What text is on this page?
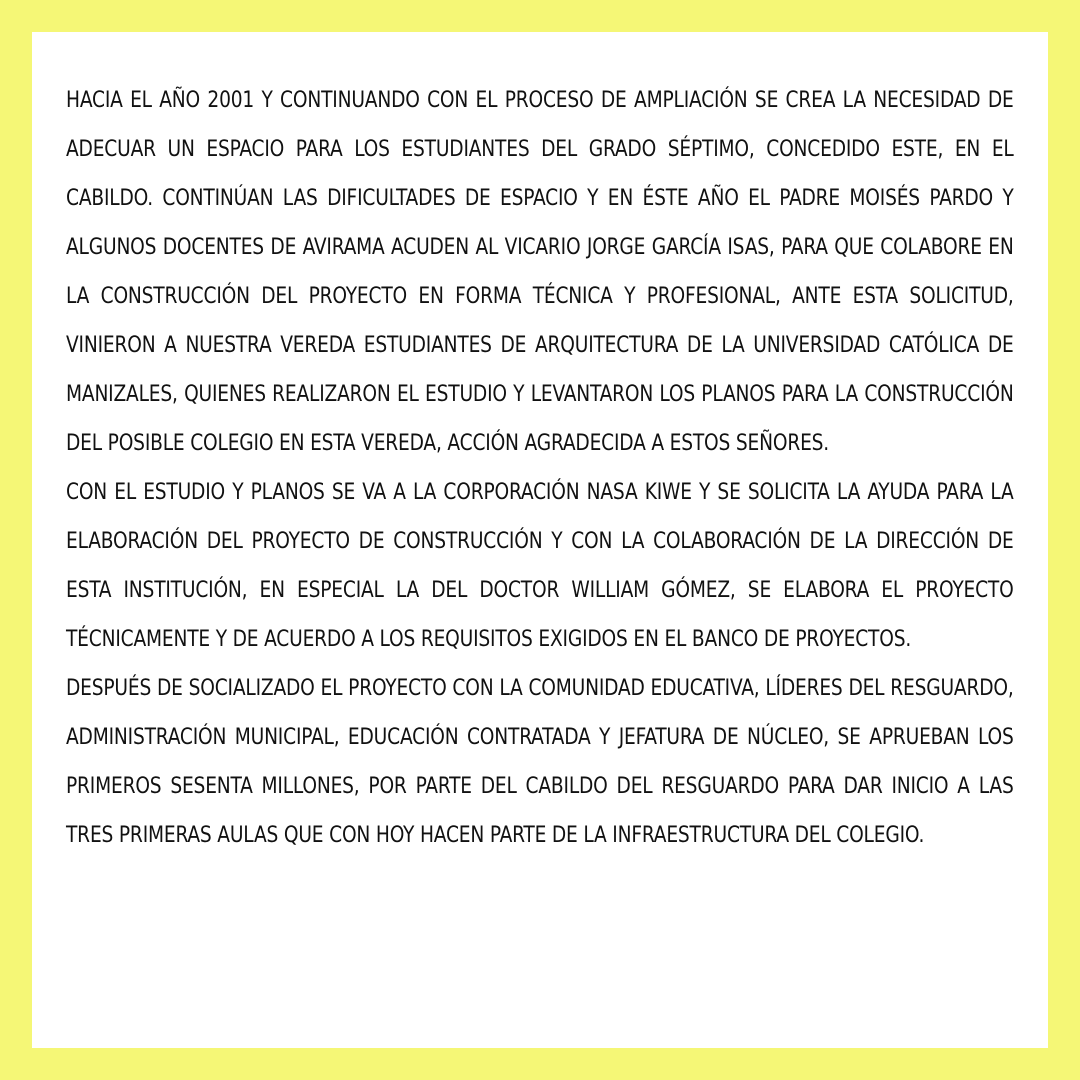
HACIA EL AÑO 2001 Y CONTINUANDO CON EL PROCESO DE AMPLIACIÓN SE CREA LA NECESIDAD DE ADECUAR UN ESPACIO PARA LOS ESTUDIANTES DEL GRADO SÉPTIMO, CONCEDIDO ESTE, EN EL CABILDO. CONTINÚAN LAS DIFICULTADES DE ESPACIO Y EN ÉSTE AÑO EL PADRE MOISÉS PARDO Y ALGUNOS DOCENTES DE AVIRAMA ACUDEN AL VICARIO JORGE GARCÍA ISAS, PARA QUE COLABORE EN LA CONSTRUCCIÓN DEL PROYECTO EN FORMA TÉCNICA Y PROFESIONAL, ANTE ESTA SOLICITUD, VINIERON A NUESTRA VEREDA ESTUDIANTES DE ARQUITECTURA DE LA UNIVERSIDAD CATÓLICA DE MANIZALES, QUIENES REALIZARON EL ESTUDIO Y LEVANTARON LOS PLANOS PARA LA CONSTRUCCIÓN DEL POSIBLE COLEGIO EN ESTA VEREDA, ACCIÓN AGRADECIDA A ESTOS SEÑORES.

CON EL ESTUDIO Y PLANOS SE VA A LA CORPORACIÓN NASA KIWE Y SE SOLICITA LA AYUDA PARA LA ELABORACIÓN DEL PROYECTO DE CONSTRUCCIÓN Y CON LA COLABORACIÓN DE LA DIRECCIÓN DE ESTA INSTITUCIÓN, EN ESPECIAL LA DEL DOCTOR WILLIAM GÓMEZ, SE ELABORA EL PROYECTO TÉCNICAMENTE Y DE ACUERDO A LOS REQUISITOS EXIGIDOS EN EL BANCO DE PROYECTOS.

DESPUÉS DE SOCIALIZADO EL PROYECTO CON LA COMUNIDAD EDUCATIVA, LÍDERES DEL RESGUARDO, ADMINISTRACIÓN MUNICIPAL, EDUCACIÓN CONTRATADA Y JEFATURA DE NÚCLEO, SE APRUEBAN LOS PRIMEROS SESENTA MILLONES, POR PARTE DEL CABILDO DEL RESGUARDO PARA DAR INICIO A LAS TRES PRIMERAS AULAS QUE CON HOY HACEN PARTE DE LA INFRAESTRUCTURA DEL COLEGIO.
